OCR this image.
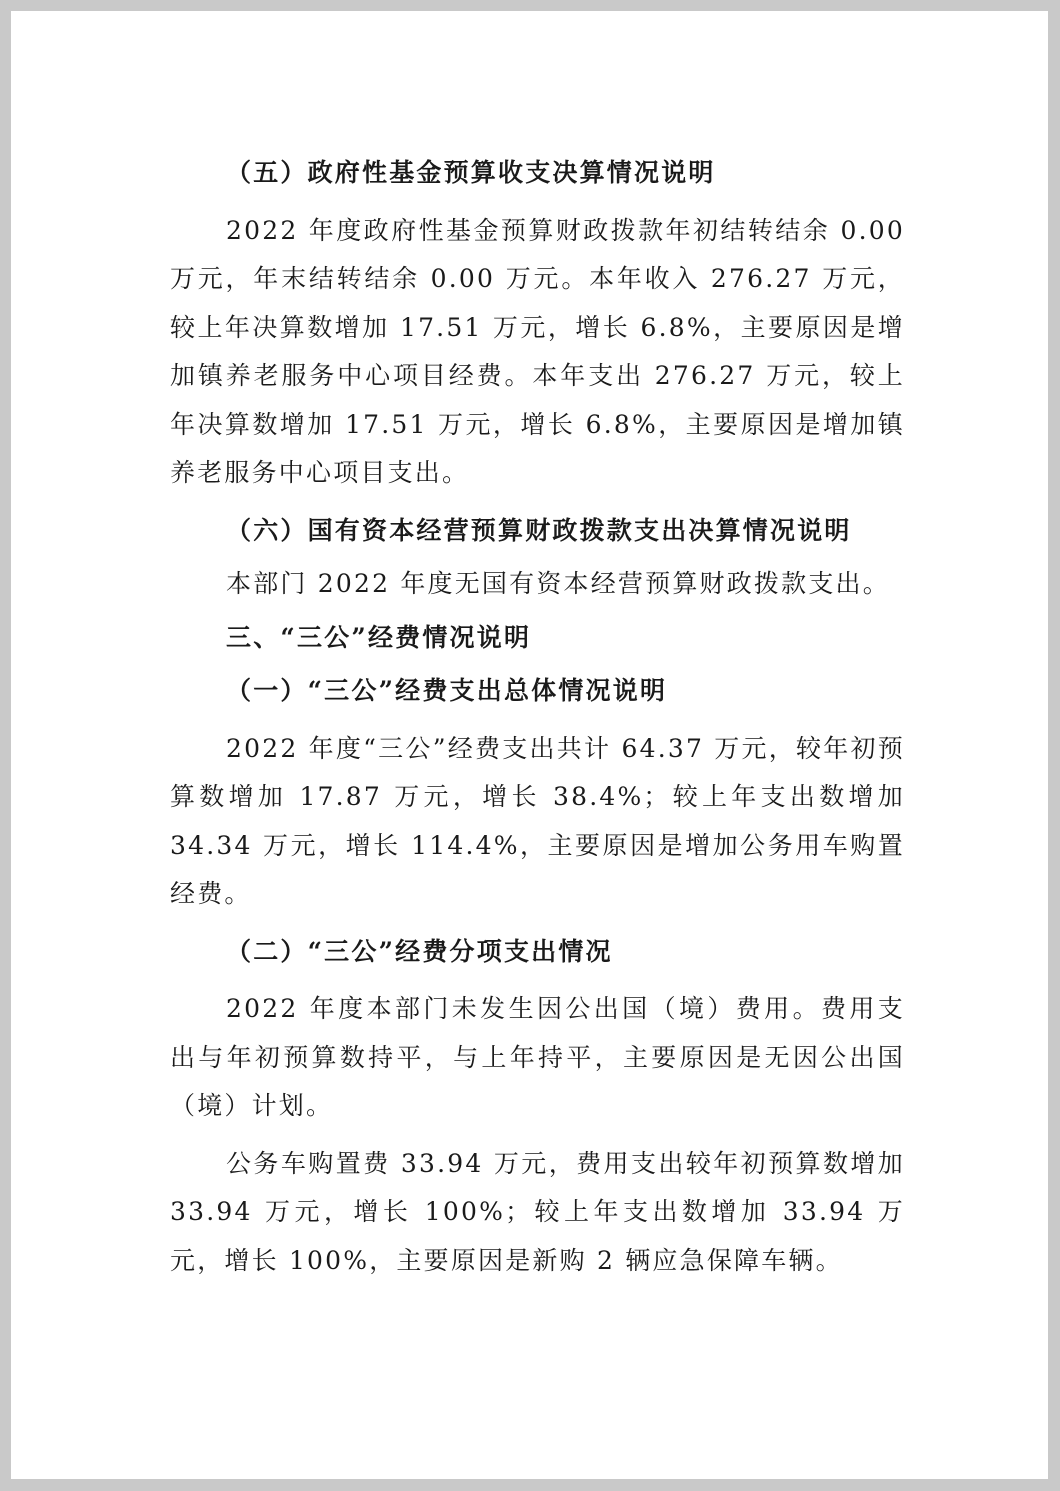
（五）政府性基金预算收支决算情况说明

2022 年度政府性基金预算财政拨款年初结转结余 0.00 万元，年末结转结余 0.00 万元。本年收入 276.27 万元，较上年决算数增加 17.51 万元，增长 6.8%，主要原因是增加镇养老服务中心项目经费。本年支出 276.27 万元，较上年决算数增加 17.51 万元，增长 6.8%，主要原因是增加镇养老服务中心项目支出。

（六）国有资本经营预算财政拨款支出决算情况说明

本部门 2022 年度无国有资本经营预算财政拨款支出。

三、“三公”经费情况说明
（一）“三公”经费支出总体情况说明

2022 年度“三公”经费支出共计 64.37 万元，较年初预算数增加 17.87 万元，增长 38.4%；较上年支出数增加 34.34 万元，增长 114.4%，主要原因是增加公务用车购置经费。

（二）“三公”经费分项支出情况

2022 年度本部门未发生因公出国（境）费用。费用支出与年初预算数持平，与上年持平，主要原因是无因公出国（境）计划。

公务车购置费 33.94 万元，费用支出较年初预算数增加 33.94 万元，增长 100%；较上年支出数增加 33.94 万元，增长 100%，主要原因是新购 2 辆应急保障车辆。
